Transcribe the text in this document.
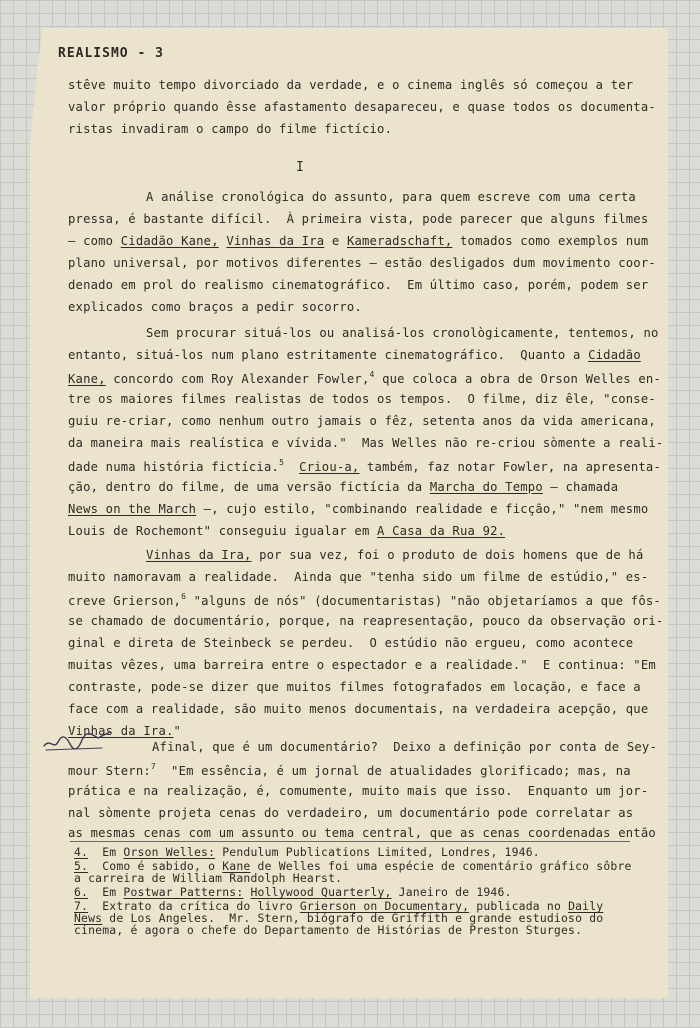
REALISMO - 3
stêve muito tempo divorciado da verdade, e o cinema inglês só começou a ter
valor próprio quando êsse afastamento desapareceu, e quase todos os documenta-
ristas invadiram o campo do filme fictício.
I
A análise cronológica do assunto, para quem escreve com uma certa
pressa, é bastante difícil.  À primeira vista, pode parecer que alguns filmes
— como Cidadão Kane, Vinhas da Ira e Kameradschaft, tomados como exemplos num
plano universal, por motivos diferentes — estão desligados dum movimento coor-
denado em prol do realismo cinematográfico.  Em último caso, porém, podem ser
explicados como braços a pedir socorro.
Sem procurar situá-los ou analisá-los cronològicamente, tentemos, no
entanto, situá-los num plano estritamente cinematográfico.  Quanto a Cidadão
Kane, concordo com Roy Alexander Fowler,$^4$ que coloca a obra de Orson Welles en-
tre os maiores filmes realistas de todos os tempos.  O filme, diz êle, "conse-
guiu re-criar, como nenhum outro jamais o fêz, setenta anos da vida americana,
da maneira mais realística e vívida."  Mas Welles não re-criou sòmente a reali-
dade numa história fictícia.$^5$ Criou-a, também, faz notar Fowler, na apresenta-
ção, dentro do filme, de uma versão fictícia da Marcha do Tempo — chamada
News on the March —, cujo estilo, "combinando realidade e ficção," "nem mesmo
Louis de Rochemont" conseguiu igualar em A Casa da Rua 92.
Vinhas da Ira, por sua vez, foi o produto de dois homens que de há
muito namoravam a realidade.  Ainda que "tenha sido um filme de estúdio," es-
creve Grierson,$^6$ "alguns de nós" (documentaristas) "não objetaríamos a que fôs-
se chamado de documentário, porque, na reapresentação, pouco da observação ori-
ginal e direta de Steinbeck se perdeu.  O estúdio não ergueu, como acontece
muitas vêzes, uma barreira entre o espectador e a realidade."  E continua: "Em
contraste, pode-se dizer que muitos filmes fotografados em locação, e face a
face com a realidade, são muito menos documentais, na verdadeira acepção, que
Vinhas da Ira."
aqui	Afinal, que é um documentário?  Deixo a definição por conta de Sey-
mour Stern:$^7$  "Em essência, é um jornal de atualidades glorificado; mas, na
prática e na realização, é, comumente, muito mais que isso.  Enquanto um jor-
nal sòmente projeta cenas do verdadeiro, um documentário pode correlatar as
as mesmas cenas com um assunto ou tema central, que as cenas coordenadas então
4.  Em Orson Welles: Pendulum Publications Limited, Londres, 1946.
5.  Como é sabido, o Kane de Welles foi uma espécie de comentário gráfico sôbre
a carreira de William Randolph Hearst.
6.  Em Postwar Patterns: Hollywood Quarterly, Janeiro de 1946.
7.  Extrato da crítica do livro Grierson on Documentary, publicada no Daily
News de Los Angeles.  Mr. Stern, biógrafo de Griffith e grande estudioso do
cinema, é agora o chefe do Departamento de Histórias de Preston Sturges.
